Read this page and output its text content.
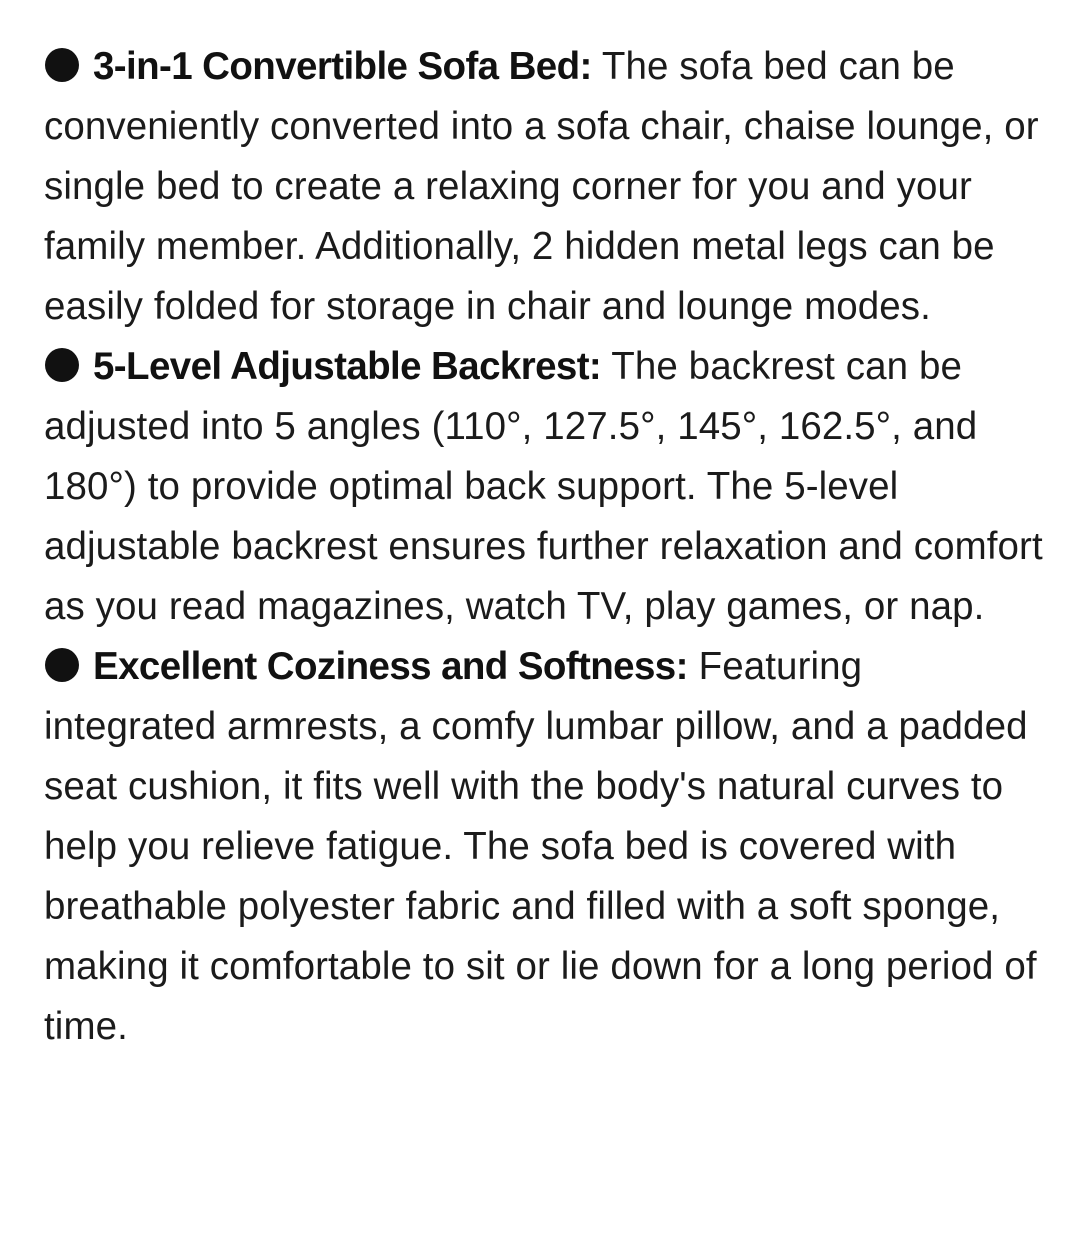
3-in-1 Convertible Sofa Bed: The sofa bed can be conveniently converted into a sofa chair, chaise lounge, or single bed to create a relaxing corner for you and your family member. Additionally, 2 hidden metal legs can be easily folded for storage in chair and lounge modes.

5-Level Adjustable Backrest: The backrest can be adjusted into 5 angles (110°, 127.5°, 145°, 162.5°, and 180°) to provide optimal back support. The 5-level adjustable backrest ensures further relaxation and comfort as you read magazines, watch TV, play games, or nap.

Excellent Coziness and Softness: Featuring integrated armrests, a comfy lumbar pillow, and a padded seat cushion, it fits well with the body's natural curves to help you relieve fatigue. The sofa bed is covered with breathable polyester fabric and filled with a soft sponge, making it comfortable to sit or lie down for a long period of time.
